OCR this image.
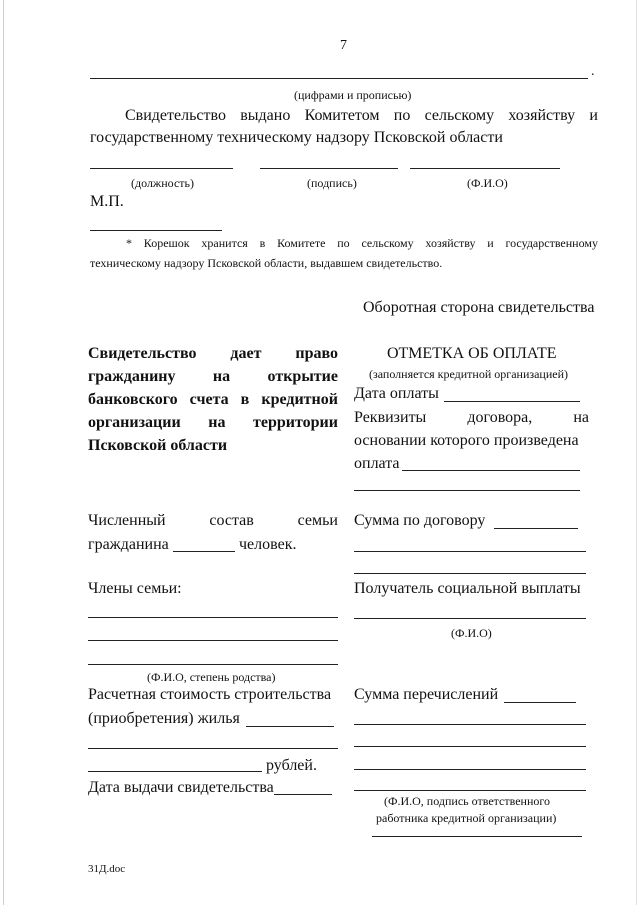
7
.
(цифрами и прописью)
Свидетельство выдано Комитетом по сельскому хозяйству и
государственному техническому надзору Псковской области
(должность)	(подпись)	(Ф.И.О)
М.П.
* Корешок хранится в Комитете по сельскому хозяйству и государственному
техническому надзору Псковской области, выдавшем свидетельство.
Оборотная сторона свидетельства
Свидетельство дает право
гражданину на открытие
банковского счета в кредитной
организации на территории
Псковской области
Численный	состав	семьи
гражданина	человек.
Члены семьи:
(Ф.И.О, степень родства)
Расчетная стоимость строительства
(приобретения) жилья
рублей.
Дата выдачи свидетельства
ОТМЕТКА ОБ ОПЛАТЕ
(заполняется кредитной организацией)
Дата оплаты
Реквизиты	договора,	на
основании которого произведена
оплата
Сумма по договору
Получатель социальной выплаты
(Ф.И.О)
Сумма перечислений
(Ф.И.О, подпись ответственного
работника кредитной организации)
31Д.doc
